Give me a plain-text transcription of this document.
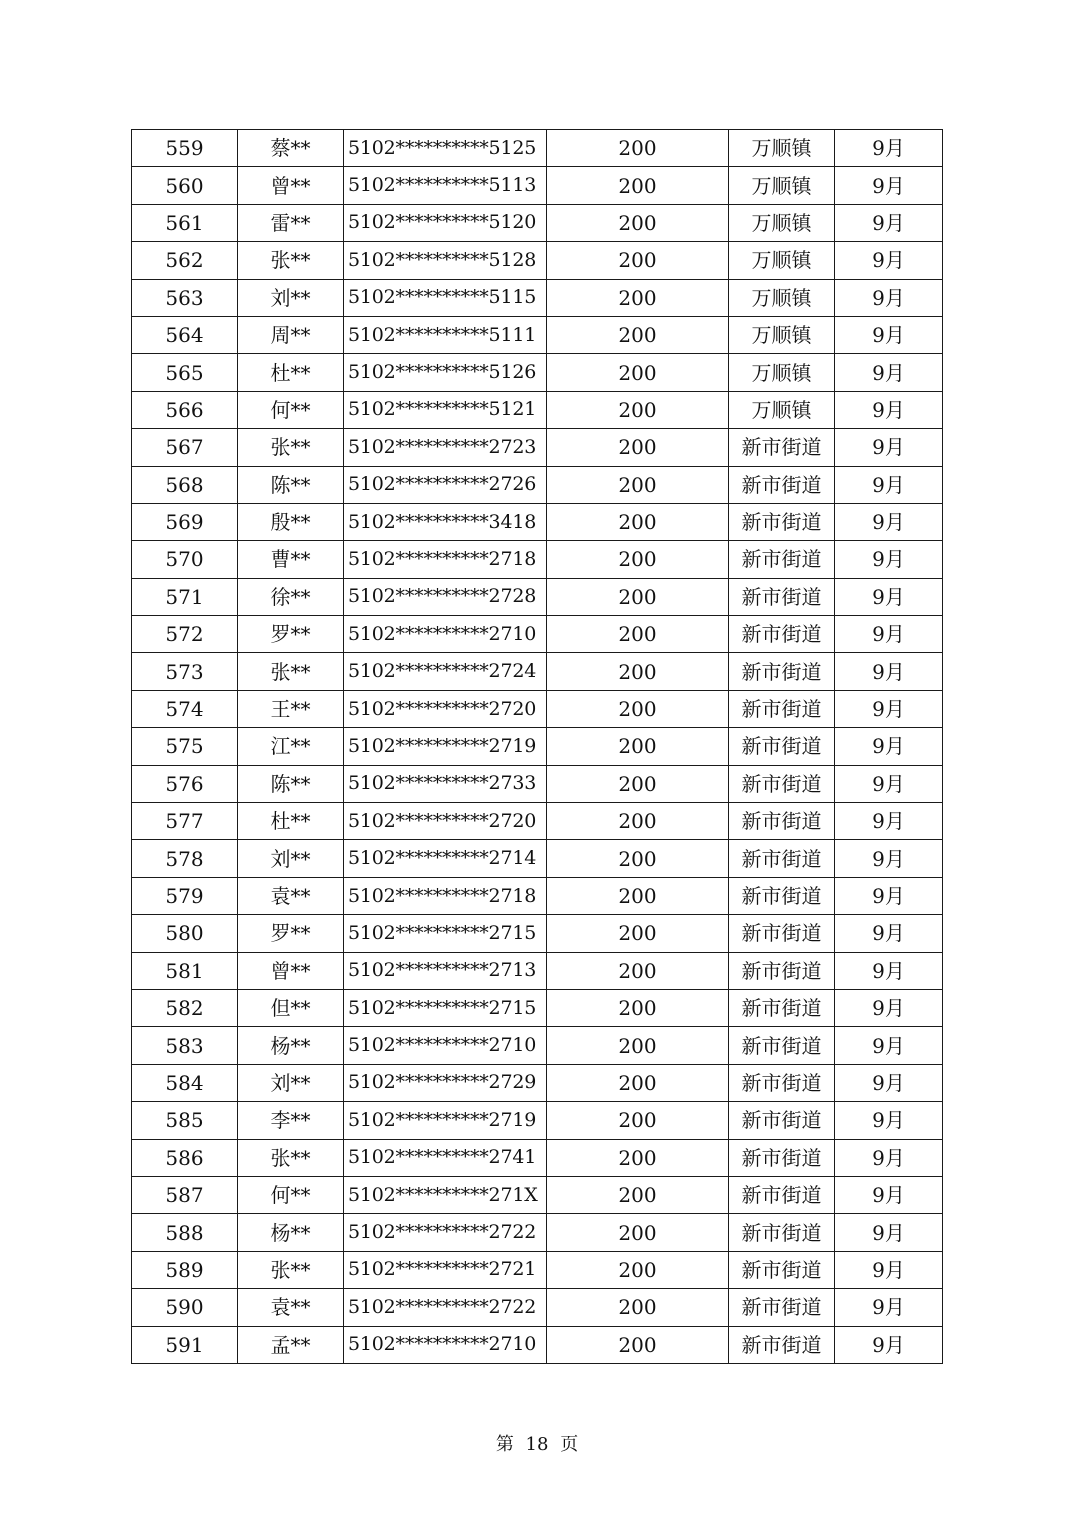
559	蔡**	5102**********5125	200	万顺镇	9月
560	曾**	5102**********5113	200	万顺镇	9月
561	雷**	5102**********5120	200	万顺镇	9月
562	张**	5102**********5128	200	万顺镇	9月
563	刘**	5102**********5115	200	万顺镇	9月
564	周**	5102**********5111	200	万顺镇	9月
565	杜**	5102**********5126	200	万顺镇	9月
566	何**	5102**********5121	200	万顺镇	9月
567	张**	5102**********2723	200	新市街道	9月
568	陈**	5102**********2726	200	新市街道	9月
569	殷**	5102**********3418	200	新市街道	9月
570	曹**	5102**********2718	200	新市街道	9月
571	徐**	5102**********2728	200	新市街道	9月
572	罗**	5102**********2710	200	新市街道	9月
573	张**	5102**********2724	200	新市街道	9月
574	王**	5102**********2720	200	新市街道	9月
575	江**	5102**********2719	200	新市街道	9月
576	陈**	5102**********2733	200	新市街道	9月
577	杜**	5102**********2720	200	新市街道	9月
578	刘**	5102**********2714	200	新市街道	9月
579	袁**	5102**********2718	200	新市街道	9月
580	罗**	5102**********2715	200	新市街道	9月
581	曾**	5102**********2713	200	新市街道	9月
582	但**	5102**********2715	200	新市街道	9月
583	杨**	5102**********2710	200	新市街道	9月
584	刘**	5102**********2729	200	新市街道	9月
585	李**	5102**********2719	200	新市街道	9月
586	张**	5102**********2741	200	新市街道	9月
587	何**	5102**********271X	200	新市街道	9月
588	杨**	5102**********2722	200	新市街道	9月
589	张**	5102**********2721	200	新市街道	9月
590	袁**	5102**********2722	200	新市街道	9月
591	孟**	5102**********2710	200	新市街道	9月
第 18 页
